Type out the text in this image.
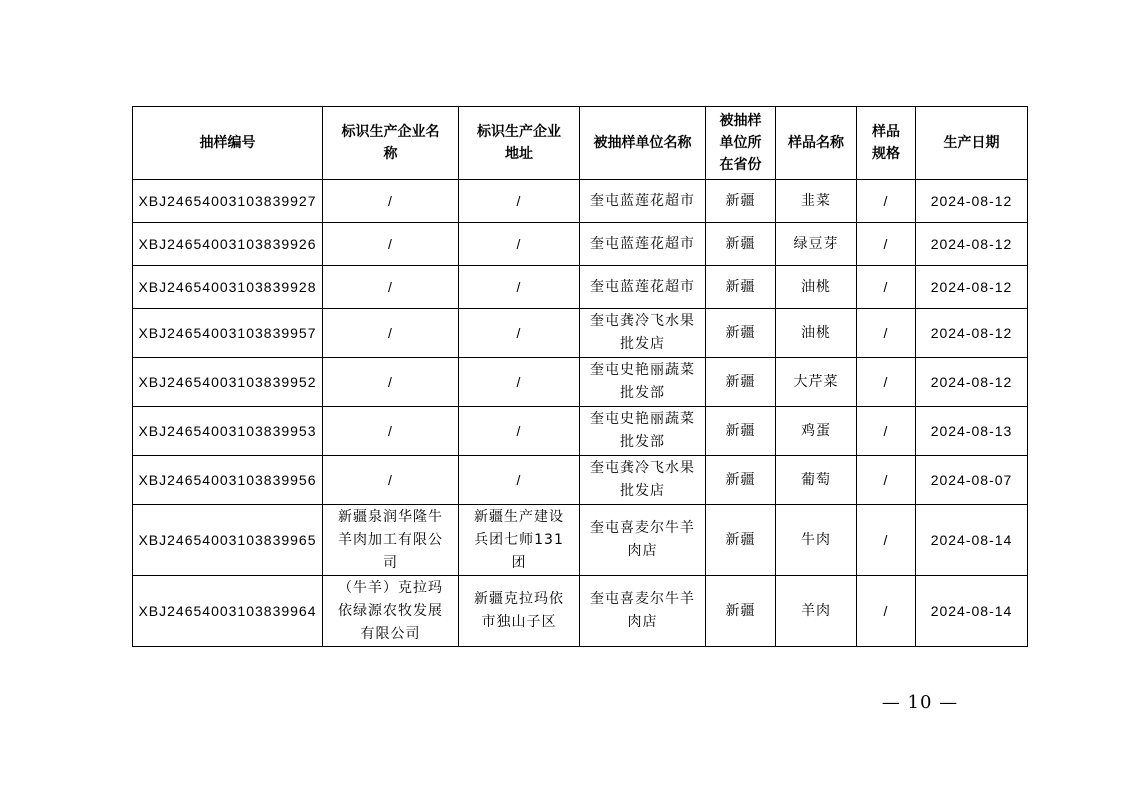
抽样编号	标识生产企业名称	标识生产企业地址	被抽样单位名称	被抽样单位所在省份	样品名称	样品规格	生产日期
XBJ24654003103839927	/	/	奎屯蓝莲花超市	新疆	韭菜	/	2024-08-12
XBJ24654003103839926	/	/	奎屯蓝莲花超市	新疆	绿豆芽	/	2024-08-12
XBJ24654003103839928	/	/	奎屯蓝莲花超市	新疆	油桃	/	2024-08-12
XBJ24654003103839957	/	/	奎屯龚冷飞水果批发店	新疆	油桃	/	2024-08-12
XBJ24654003103839952	/	/	奎屯史艳丽蔬菜批发部	新疆	大芹菜	/	2024-08-12
XBJ24654003103839953	/	/	奎屯史艳丽蔬菜批发部	新疆	鸡蛋	/	2024-08-13
XBJ24654003103839956	/	/	奎屯龚冷飞水果批发店	新疆	葡萄	/	2024-08-07
XBJ24654003103839965	新疆泉润华隆牛羊肉加工有限公司	新疆生产建设兵团七师131团	奎屯喜麦尔牛羊肉店	新疆	牛肉	/	2024-08-14
XBJ24654003103839964	（牛羊）克拉玛依绿源农牧发展有限公司	新疆克拉玛依市独山子区	奎屯喜麦尔牛羊肉店	新疆	羊肉	/	2024-08-14
— 10 —
